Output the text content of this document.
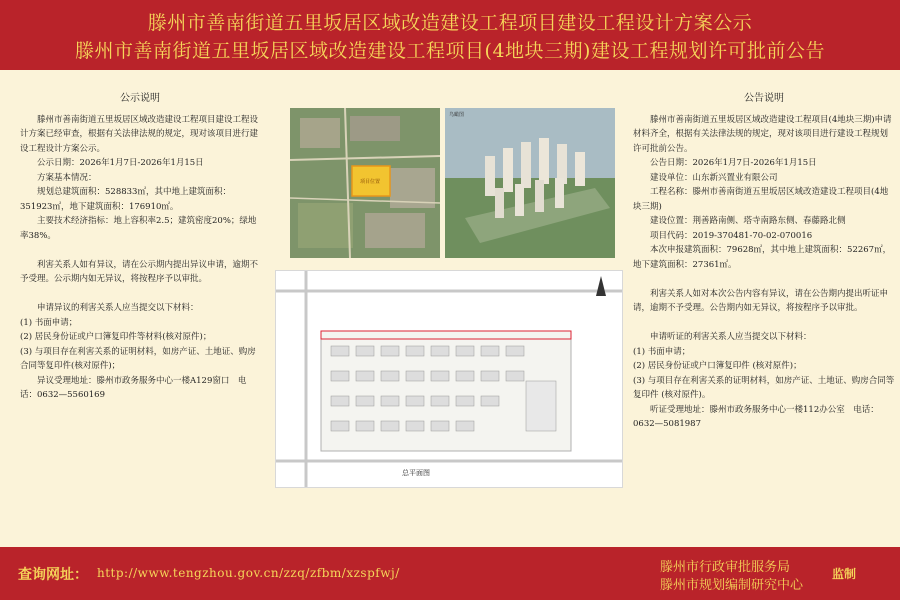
滕州市善南街道五里坂居区域改造建设工程项目建设工程设计方案公示
滕州市善南街道五里坂居区域改造建设工程项目(4地块三期)建设工程规划许可批前公告
公示说明

滕州市善南街道五里坂居区域改造建设工程项目建设工程设计方案已经审查，根据有关法律法规的规定，现对该项目进行建设工程设计方案公示。

公示日期：2026年1月7日-2026年1月15日

方案基本情况：

规划总建筑面积：528833㎡，其中地上建筑面积：351923㎡，地下建筑面积：176910㎡。

主要技术经济指标：地上容积率2.5；建筑密度20%；绿地率38%。

利害关系人如有异议，请在公示期内提出异议申请，逾期不予受理。公示期内如无异议，将按程序予以审批。

申请异议的利害关系人应当提交以下材料：

(1) 书面申请；

(2) 居民身份证或户口簿复印件等材料(核对原件)；

(3) 与项目存在利害关系的证明材料，如房产证、土地证、购房合同等复印件(核对原件)；

异议受理地址：滕州市政务服务中心一楼A129窗口　电话：0632—5560169

项目位置
鸟瞰图
总平面图
公告说明

滕州市善南街道五里坂居区域改造建设工程项目(4地块三期)申请材料齐全，根据有关法律法规的规定，现对该项目进行建设工程规划许可批前公告。

公告日期：2026年1月7日-2026年1月15日

建设单位：山东新兴置业有限公司

工程名称：滕州市善南街道五里坂居区域改造建设工程项目(4地块三期)

建设位置：荆善路南侧、塔寺南路东侧、春藤路北侧

项目代码：2019-370481-70-02-070016

本次申报建筑面积：79628㎡，其中地上建筑面积：52267㎡，地下建筑面积：27361㎡。

利害关系人如对本次公告内容有异议，请在公告期内提出听证申请，逾期不予受理。公告期内如无异议，将按程序予以审批。

申请听证的利害关系人应当提交以下材料：

(1) 书面申请；

(2) 居民身份证或户口簿复印件 (核对原件)；

(3) 与项目存在利害关系的证明材料，如房产证、土地证、购房合同等复印件 (核对原件)。

听证受理地址：滕州市政务服务中心一楼112办公室　电话：0632—5081987

查询网址： http://www.tengzhou.gov.cn/zzq/zfbm/xzspfwj/	滕州市行政审批服务局
滕州市规划编制研究中心
监制
